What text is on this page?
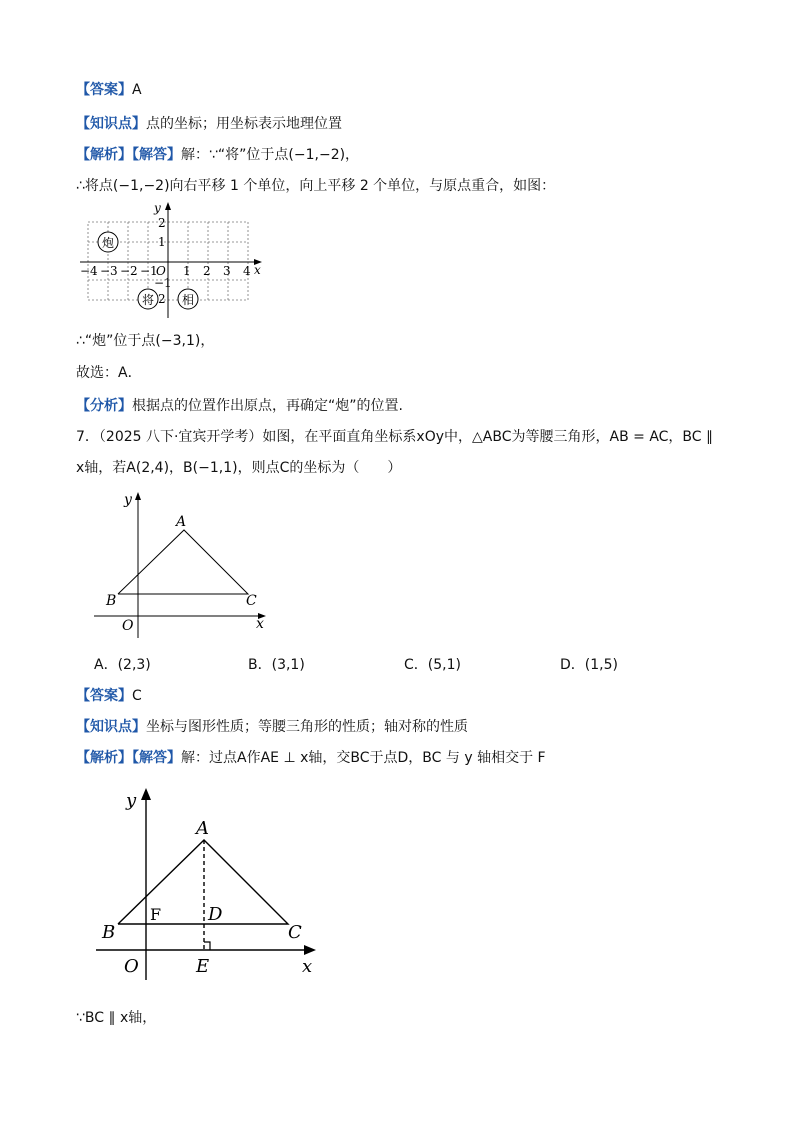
【答案】A
【知识点】点的坐标；用坐标表示地理位置
【解析】【解答】解：∵“将”位于点(−1,−2)，
∴将点(−1,−2)向右平移 1 个单位，向上平移 2 个单位，与原点重合，如图：
−4 −3 −2 −1
O 1 2 3 4 x
y
2
1
−1
2
炮
将 相
∴“炮”位于点(−3,1)，
故选：A．
【分析】根据点的位置作出原点，再确定“炮”的位置.
7．（2025 八下·宜宾开学考）如图，在平面直角坐标系xOy中，△ABC为等腰三角形，AB = AC，BC ∥
x轴，若A(2,4)，B(−1,1)，则点C的坐标为（　　）
y
A
B	C
O	x
A．(2,3)	B．(3,1)	C．(5,1)	D．(1,5)
【答案】C
【知识点】坐标与图形性质；等腰三角形的性质；轴对称的性质
【解析】【解答】解：过点A作AE ⊥ x轴，交BC于点D，BC 与 y 轴相交于 F
y
A
F	D
B	C
O	E	x
∵BC ∥ x轴，
